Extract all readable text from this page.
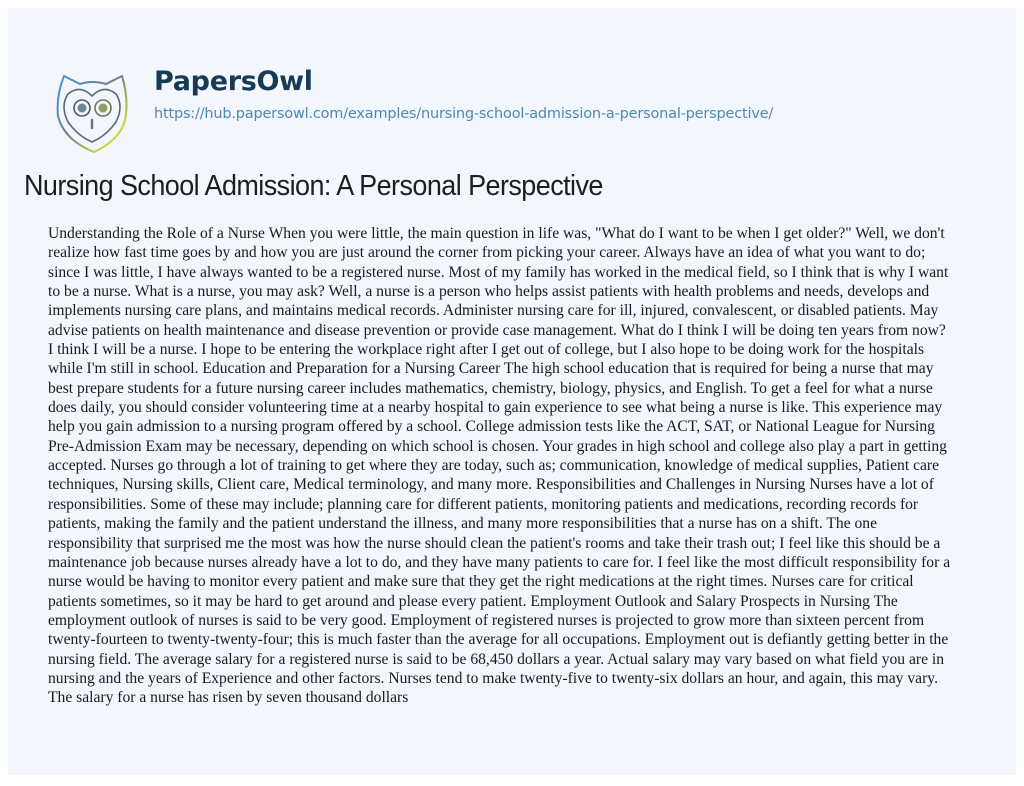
PapersOwl
https://hub.papersowl.com/examples/nursing-school-admission-a-personal-perspective/
Nursing School Admission: A Personal Perspective
Understanding the Role of a Nurse When you were little, the main question in life was, "What do I want to be when I get older?" Well, we don't
realize how fast time goes by and how you are just around the corner from picking your career. Always have an idea of what you want to do;
since I was little, I have always wanted to be a registered nurse. Most of my family has worked in the medical field, so I think that is why I want
to be a nurse. What is a nurse, you may ask? Well, a nurse is a person who helps assist patients with health problems and needs, develops and
implements nursing care plans, and maintains medical records. Administer nursing care for ill, injured, convalescent, or disabled patients. May
advise patients on health maintenance and disease prevention or provide case management. What do I think I will be doing ten years from now?
I think I will be a nurse. I hope to be entering the workplace right after I get out of college, but I also hope to be doing work for the hospitals
while I'm still in school. Education and Preparation for a Nursing Career The high school education that is required for being a nurse that may
best prepare students for a future nursing career includes mathematics, chemistry, biology, physics, and English. To get a feel for what a nurse
does daily, you should consider volunteering time at a nearby hospital to gain experience to see what being a nurse is like. This experience may
help you gain admission to a nursing program offered by a school. College admission tests like the ACT, SAT, or National League for Nursing
Pre-Admission Exam may be necessary, depending on which school is chosen. Your grades in high school and college also play a part in getting
accepted. Nurses go through a lot of training to get where they are today, such as; communication, knowledge of medical supplies, Patient care
techniques, Nursing skills, Client care, Medical terminology, and many more. Responsibilities and Challenges in Nursing Nurses have a lot of
responsibilities. Some of these may include; planning care for different patients, monitoring patients and medications, recording records for
patients, making the family and the patient understand the illness, and many more responsibilities that a nurse has on a shift. The one
responsibility that surprised me the most was how the nurse should clean the patient's rooms and take their trash out; I feel like this should be a
maintenance job because nurses already have a lot to do, and they have many patients to care for. I feel like the most difficult responsibility for a
nurse would be having to monitor every patient and make sure that they get the right medications at the right times. Nurses care for critical
patients sometimes, so it may be hard to get around and please every patient. Employment Outlook and Salary Prospects in Nursing The
employment outlook of nurses is said to be very good. Employment of registered nurses is projected to grow more than sixteen percent from
twenty-fourteen to twenty-twenty-four; this is much faster than the average for all occupations. Employment out is defiantly getting better in the
nursing field. The average salary for a registered nurse is said to be 68,450 dollars a year. Actual salary may vary based on what field you are in
nursing and the years of Experience and other factors. Nurses tend to make twenty-five to twenty-six dollars an hour, and again, this may vary.
The salary for a nurse has risen by seven thousand dollars
